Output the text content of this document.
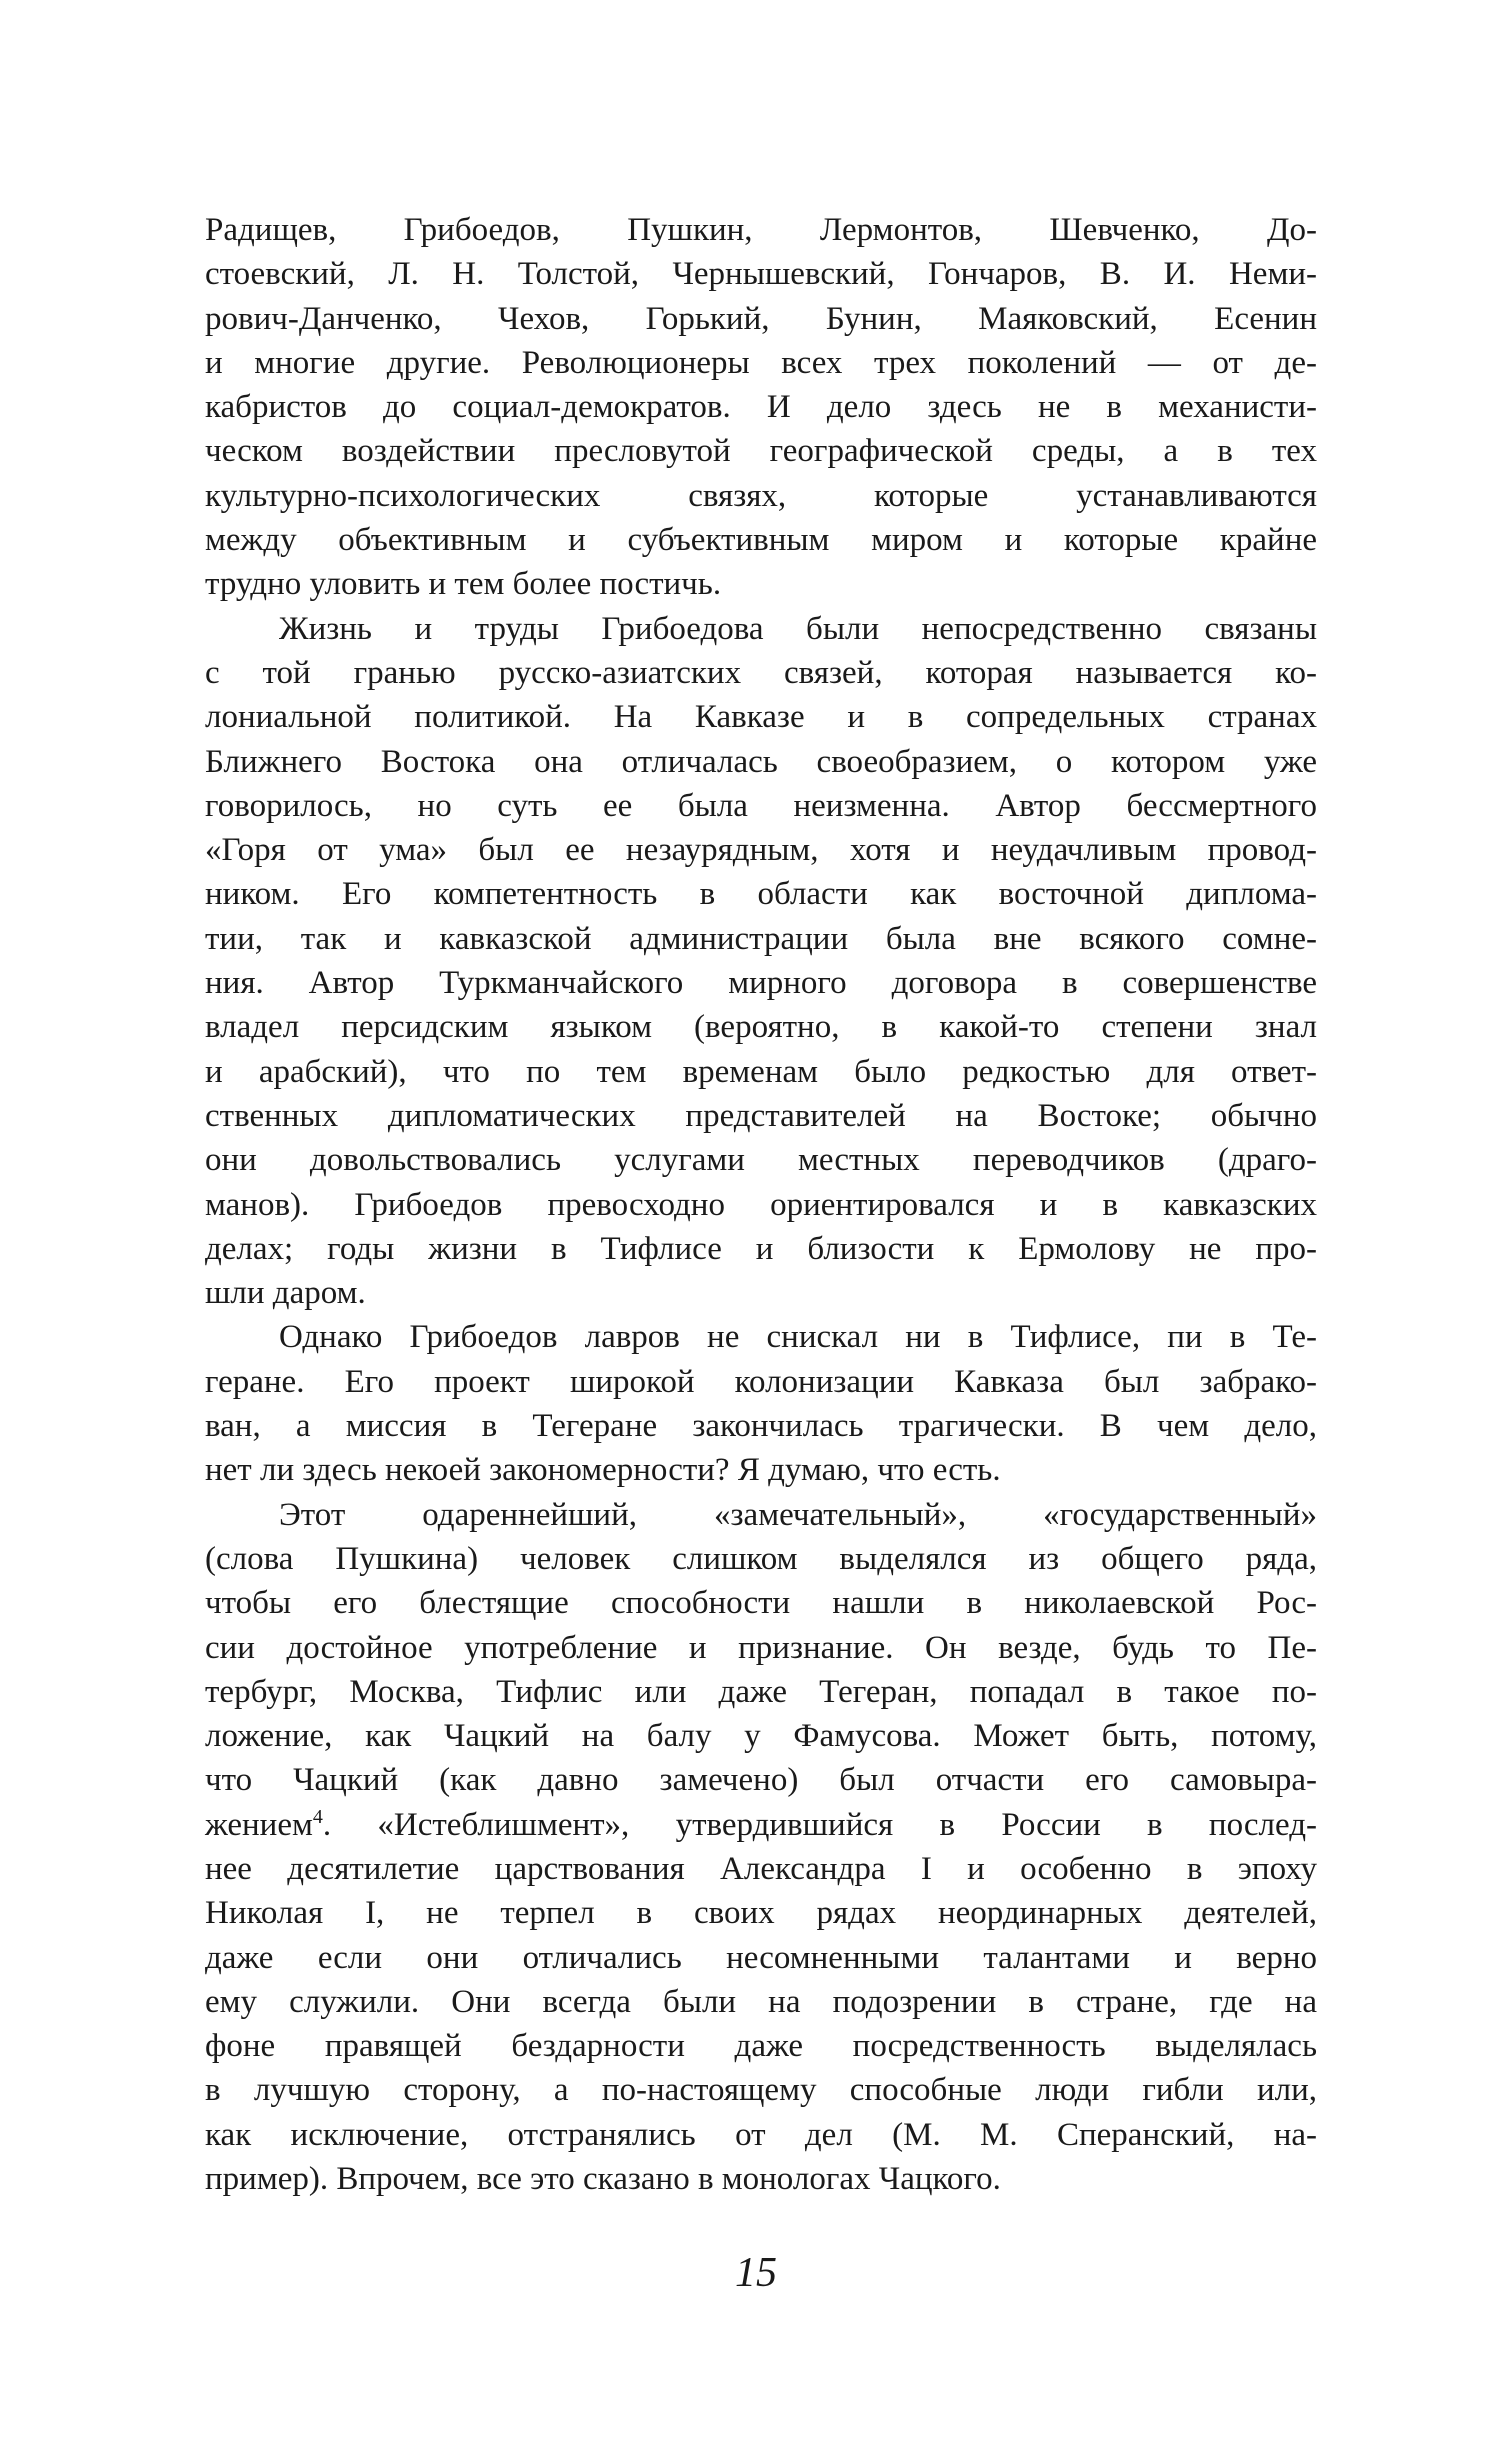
Радищев, Грибоедов, Пушкин, Лермонтов, Шевченко, До-
стоевский, Л. Н. Толстой, Чернышевский, Гончаров, В. И. Неми-
рович-Данченко, Чехов, Горький, Бунин, Маяковский, Есенин
и многие другие. Революционеры всех трех поколений — от де-
кабристов до социал-демократов. И дело здесь не в механисти-
ческом воздействии пресловутой географической среды, а в тех
культурно-психологических связях, которые устанавливаются
между объективным и субъективным миром и которые крайне
трудно уловить и тем более постичь.
Жизнь и труды Грибоедова были непосредственно связаны
с той гранью русско-азиатских связей, которая называется ко-
лониальной политикой. На Кавказе и в сопредельных странах
Ближнего Востока она отличалась своеобразием, о котором уже
говорилось, но суть ее была неизменна. Автор бессмертного
«Горя от ума» был ее незаурядным, хотя и неудачливым провод-
ником. Его компетентность в области как восточной диплома-
тии, так и кавказской администрации была вне всякого сомне-
ния. Автор Туркманчайского мирного договора в совершенстве
владел персидским языком (вероятно, в какой-то степени знал
и арабский), что по тем временам было редкостью для ответ-
ственных дипломатических представителей на Востоке; обычно
они довольствовались услугами местных переводчиков (драго-
манов). Грибоедов превосходно ориентировался и в кавказских
делах; годы жизни в Тифлисе и близости к Ермолову не про-
шли даром.
Однако Грибоедов лавров не снискал ни в Тифлисе, пи в Те-
геране. Его проект широкой колонизации Кавказа был забрако-
ван, а миссия в Тегеране закончилась трагически. В чем дело,
нет ли здесь некоей закономерности? Я думаю, что есть.
Этот одареннейший, «замечательный», «государственный»
(слова Пушкина) человек слишком выделялся из общего ряда,
чтобы его блестящие способности нашли в николаевской Рос-
сии достойное употребление и признание. Он везде, будь то Пе-
тербург, Москва, Тифлис или даже Тегеран, попадал в такое по-
ложение, как Чацкий на балу у Фамусова. Может быть, потому,
что Чацкий (как давно замечено) был отчасти его самовыра-
жением$^4$. «Истеблишмент», утвердившийся в России в послед-
нее десятилетие царствования Александра I и особенно в эпоху
Николая I, не терпел в своих рядах неординарных деятелей,
даже если они отличались несомненными талантами и верно
ему служили. Они всегда были на подозрении в стране, где на
фоне правящей бездарности даже посредственность выделялась
в лучшую сторону, а по-настоящему способные люди гибли или,
как исключение, отстранялись от дел (М. М. Сперанский, на-
пример). Впрочем, все это сказано в монологах Чацкого.
15
